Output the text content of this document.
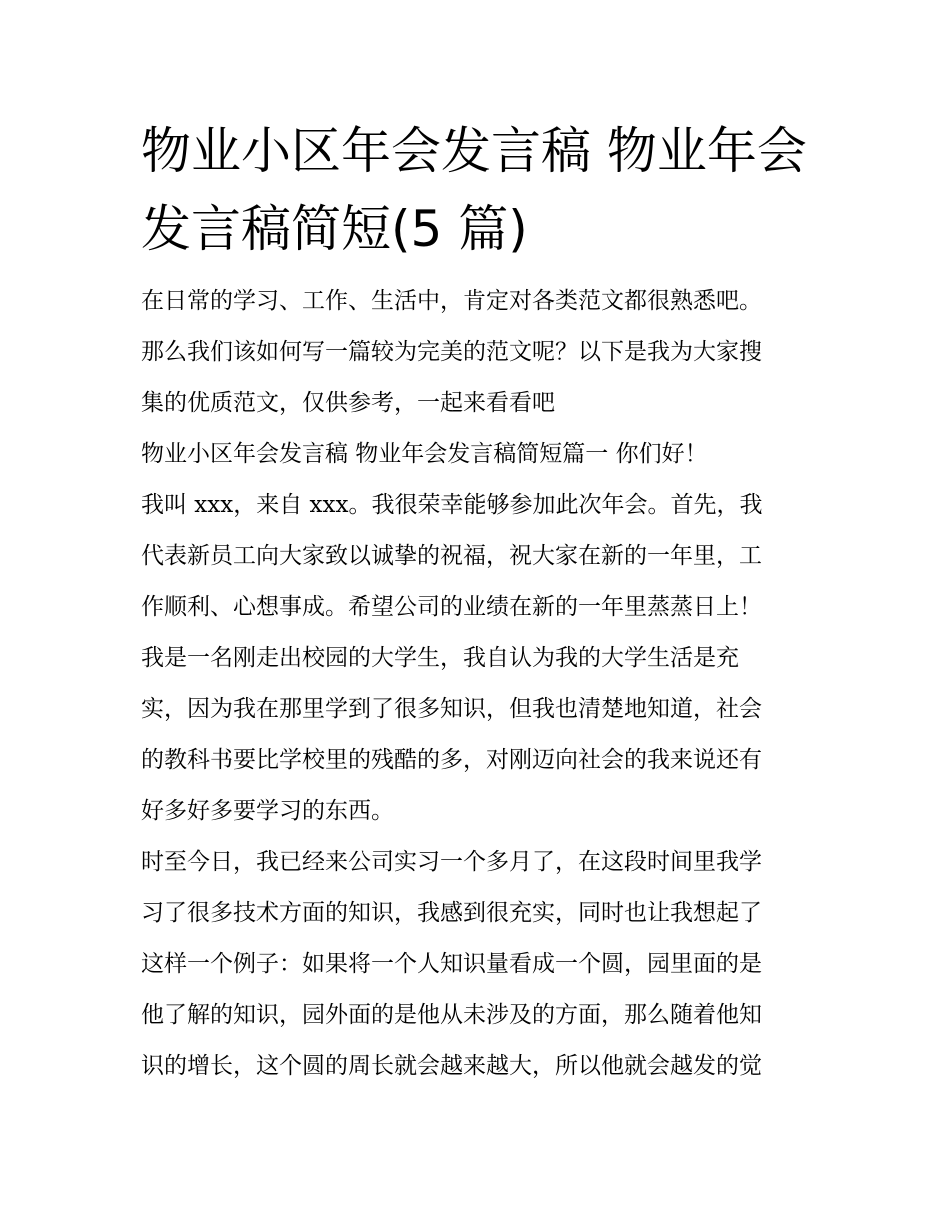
物业小区年会发言稿 物业年会
发言稿简短(5 篇)
在日常的学习、工作、生活中，肯定对各类范文都很熟悉吧。
那么我们该如何写一篇较为完美的范文呢？以下是我为大家搜
集的优质范文，仅供参考，一起来看看吧
物业小区年会发言稿 物业年会发言稿简短篇一 你们好！
我叫 xxx，来自 xxx。我很荣幸能够参加此次年会。首先，我
代表新员工向大家致以诚挚的祝福，祝大家在新的一年里，工
作顺利、心想事成。希望公司的业绩在新的一年里蒸蒸日上！
我是一名刚走出校园的大学生，我自认为我的大学生活是充
实，因为我在那里学到了很多知识，但我也清楚地知道，社会
的教科书要比学校里的残酷的多，对刚迈向社会的我来说还有
好多好多要学习的东西。
时至今日，我已经来公司实习一个多月了，在这段时间里我学
习了很多技术方面的知识，我感到很充实，同时也让我想起了
这样一个例子：如果将一个人知识量看成一个圆，园里面的是
他了解的知识，园外面的是他从未涉及的方面，那么随着他知
识的增长，这个圆的周长就会越来越大，所以他就会越发的觉
